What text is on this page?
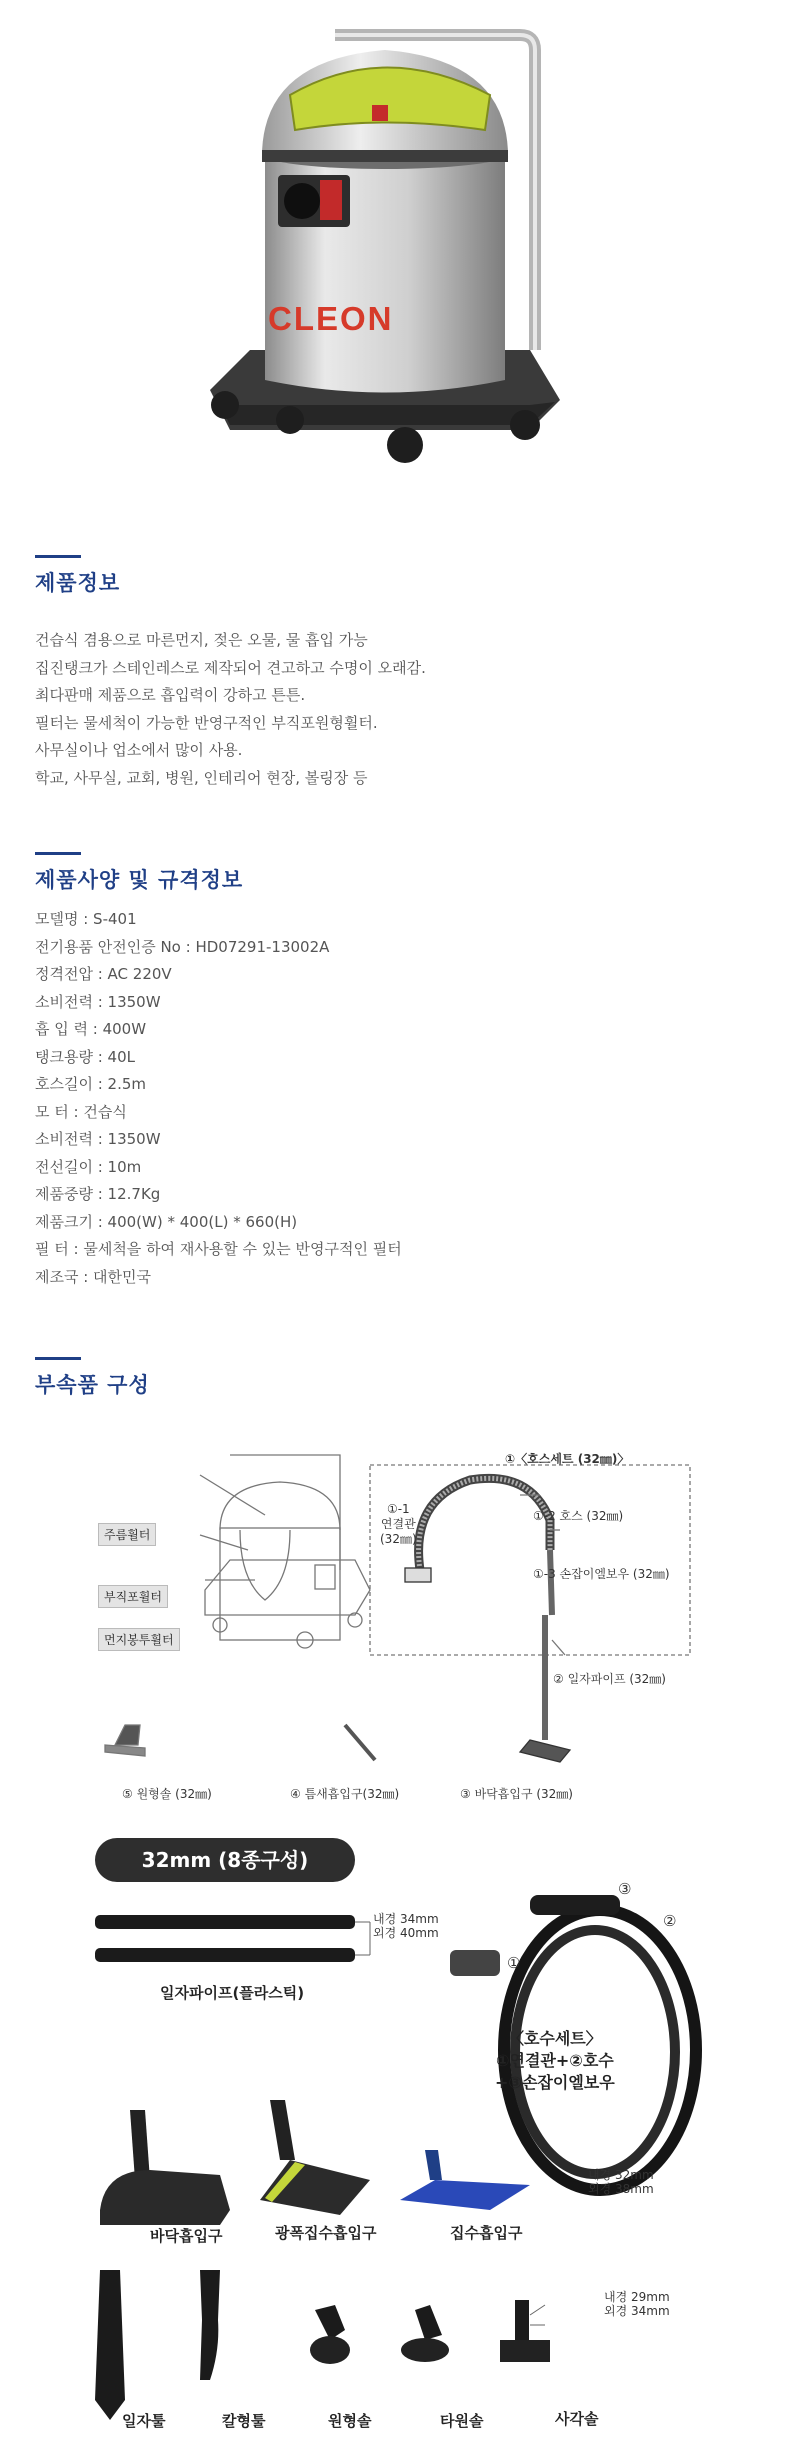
CLEON
제품정보
건습식 겸용으로 마른먼지, 젖은 오물, 물 흡입 가능
집진탱크가 스테인레스로 제작되어 견고하고 수명이 오래감.
최다판매 제품으로 흡입력이 강하고 튼튼.
필터는 물세척이 가능한 반영구적인 부직포원형휠터.
사무실이나 업소에서 많이 사용.
학교, 사무실, 교회, 병원, 인테리어 현장, 볼링장 등
제품사양 및 규격정보
모델명 : S-401
전기용품 안전인증 No : HD07291-13002A
정격전압 : AC 220V
소비전력 : 1350W
흡 입 력 : 400W
탱크용량 : 40L
호스길이 : 2.5m
모 터 : 건습식
소비전력 : 1350W
전선길이 : 10m
제품중량 : 12.7Kg
제품크기 : 400(W) * 400(L) * 660(H)
필 터 : 물세척을 하여 재사용할 수 있는 반영구적인 필터
제조국 : 대한민국
부속품 구성
①〈호스세트 (32㎜)〉
주름휠터
부직포휠터
먼지봉투휠터
①-1
연결관
(32㎜)
①-2 호스 (32㎜)
①-3 손잡이엘보우 (32㎜)
② 일자파이프 (32㎜)
⑤ 원형솔 (32㎜)	④ 틈새흡입구(32㎜)	③ 바닥흡입구 (32㎜)
32mm (8종구성)
내경 34mm
외경 40mm
일자파이프(플라스틱)
①
②
③
〈호수세트〉
①연결관+②호수
+③손잡이엘보우
내경 32mm
외경 38mm
바닥흡입구	광폭집수흡입구	집수흡입구
내경 29mm
외경 34mm
일자툴	칼형툴	원형솔	타원솔	사각솔
